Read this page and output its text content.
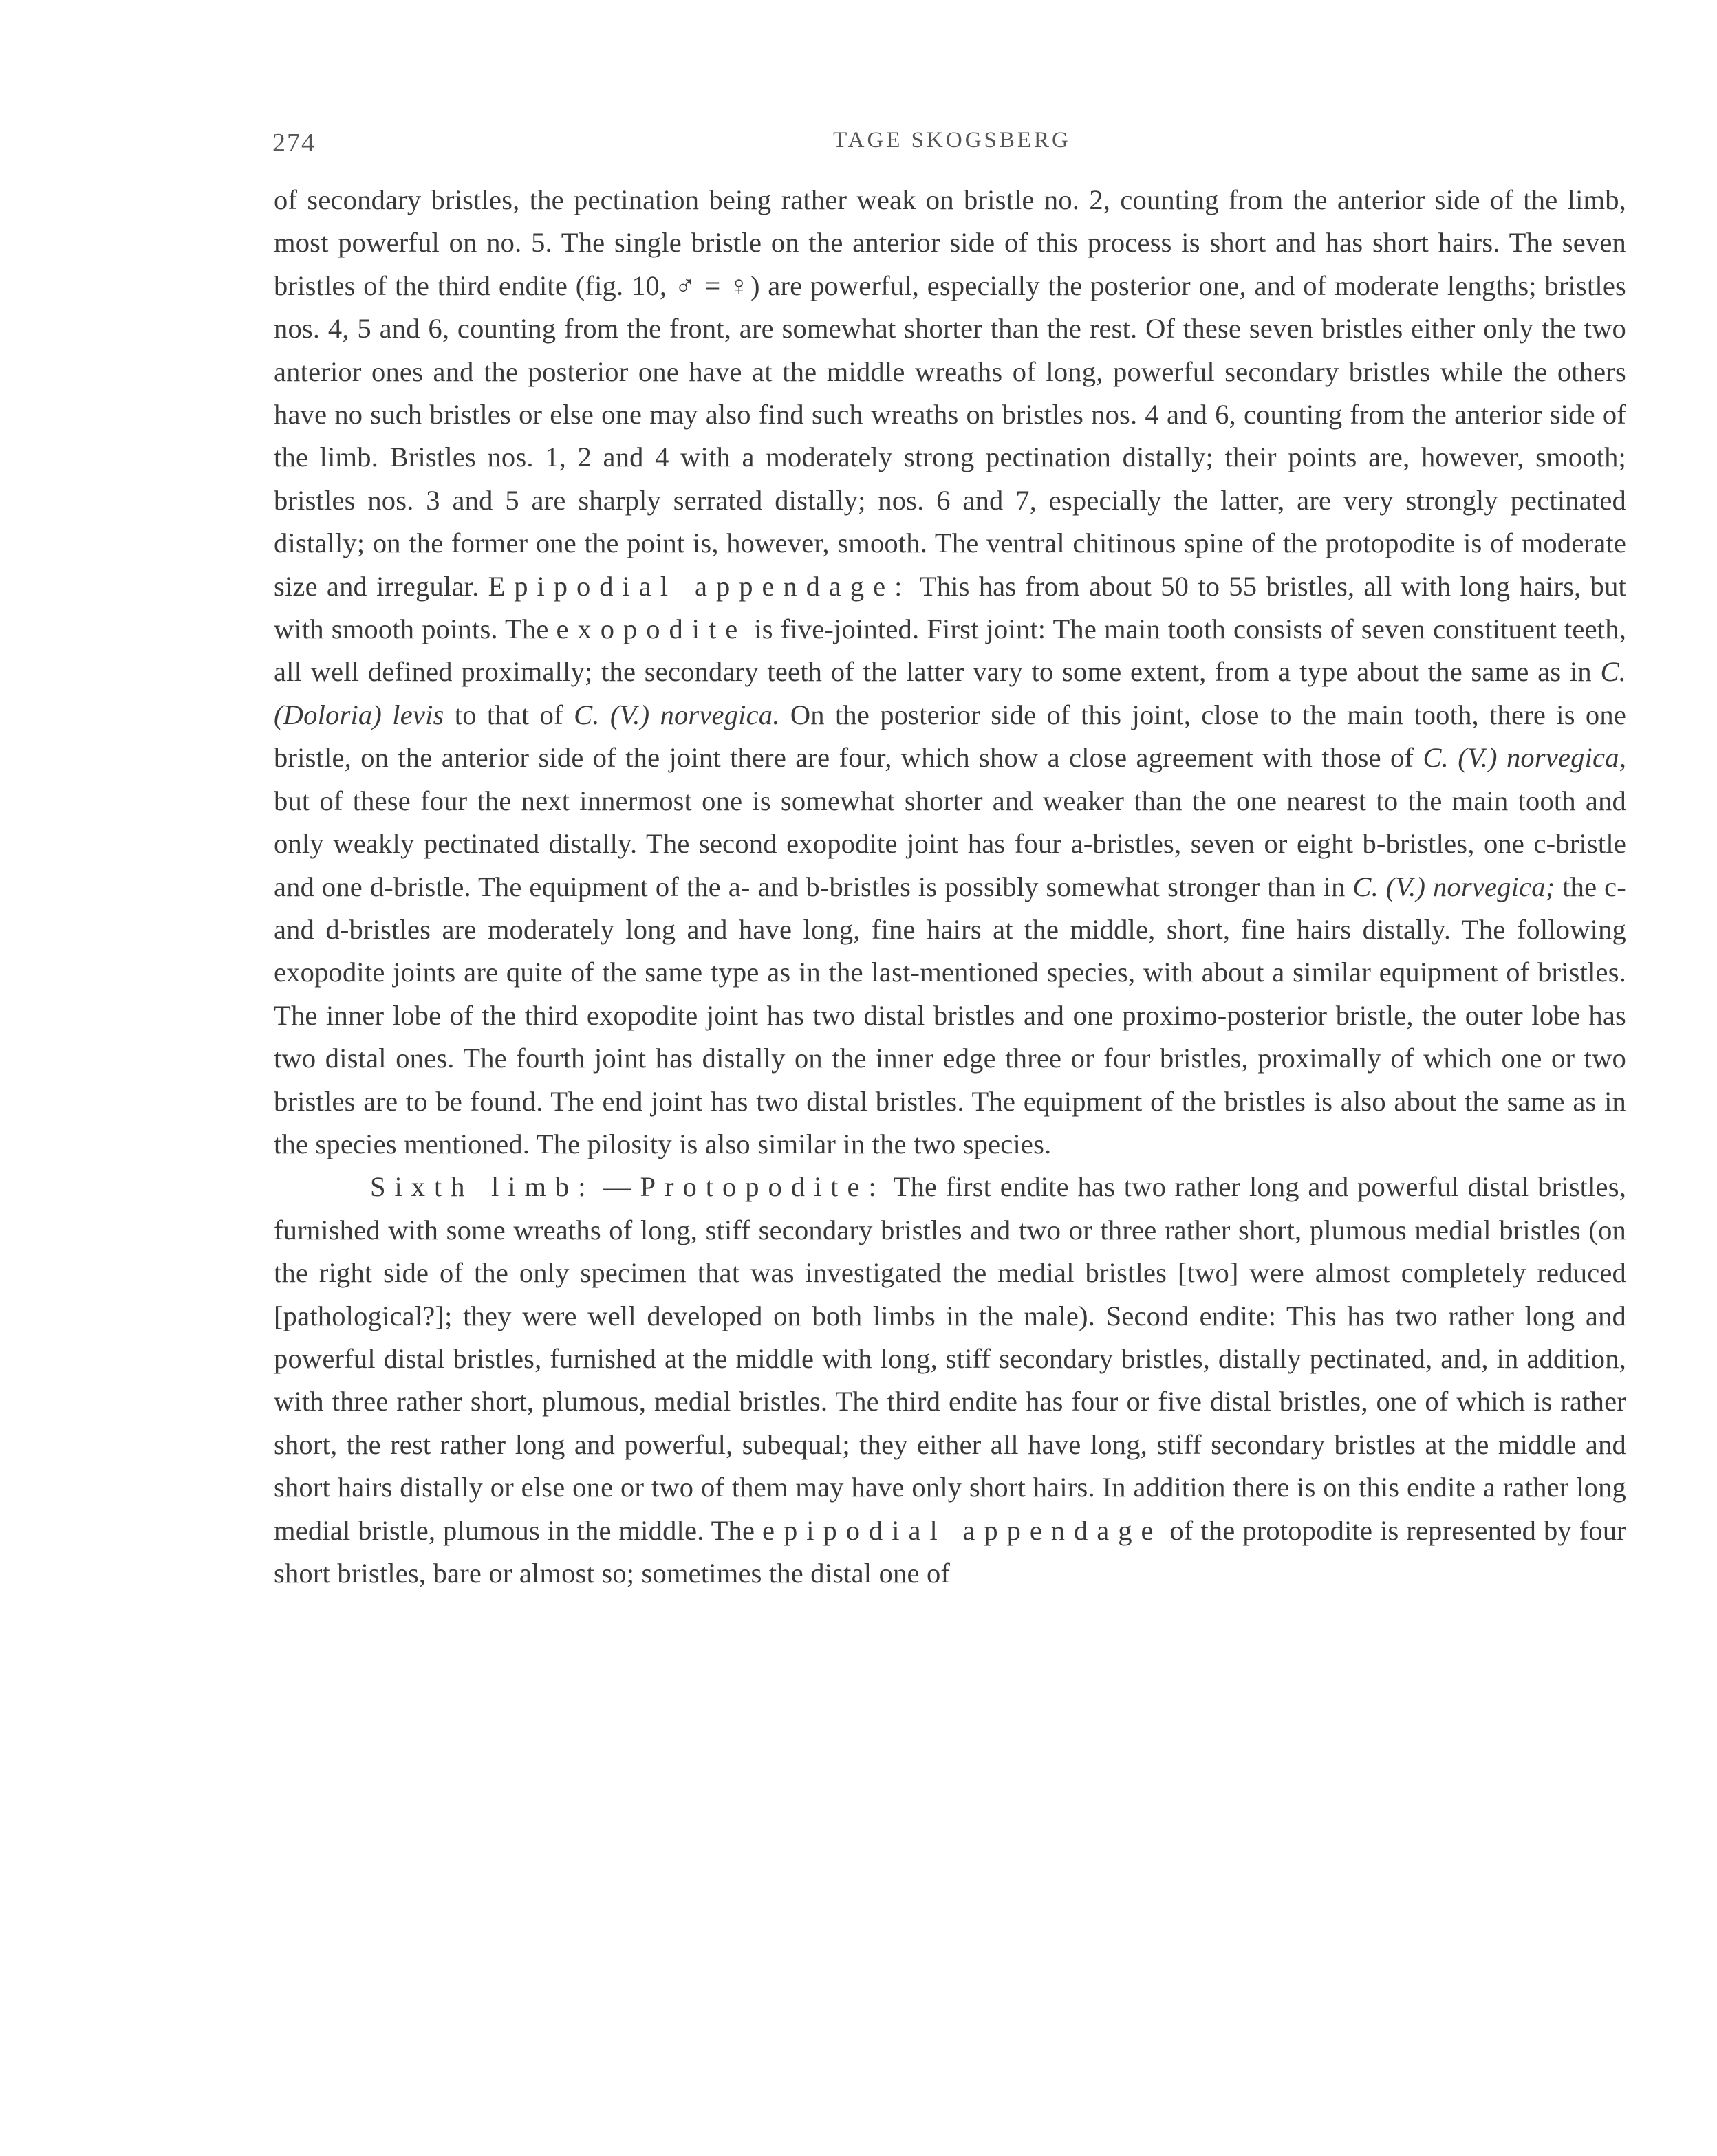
274	TAGE SKOGSBERG

of secondary bristles, the pectination being rather weak on bristle no. 2, counting from the anterior side of the limb, most powerful on no. 5. The single bristle on the anterior side of this process is short and has short hairs. The seven bristles of the third endite (fig. 10, ♂ = ♀) are powerful, especially the posterior one, and of moderate lengths; bristles nos. 4, 5 and 6, counting from the front, are somewhat shorter than the rest. Of these seven bristles either only the two anterior ones and the posterior one have at the middle wreaths of long, powerful secondary bristles while the others have no such bristles or else one may also find such wreaths on bristles nos. 4 and 6, counting from the anterior side of the limb. Bristles nos. 1, 2 and 4 with a moderately strong pectination distally; their points are, however, smooth; bristles nos. 3 and 5 are sharply serrated distally; nos. 6 and 7, especially the latter, are very strongly pectinated distally; on the former one the point is, however, smooth. The ventral chitinous spine of the protopodite is of moderate size and irregular. Epipodial appendage: This has from about 50 to 55 bristles, all with long hairs, but with smooth points. The exopodite is five-jointed. First joint: The main tooth consists of seven constituent teeth, all well defined proximally; the secondary teeth of the latter vary to some extent, from a type about the same as in C. (Doloria) levis to that of C. (V.) norvegica. On the posterior side of this joint, close to the main tooth, there is one bristle, on the anterior side of the joint there are four, which show a close agreement with those of C. (V.) norvegica, but of these four the next innermost one is somewhat shorter and weaker than the one nearest to the main tooth and only weakly pectinated distally. The second exopodite joint has four a-bristles, seven or eight b-bristles, one c-bristle and one d-bristle. The equipment of the a- and b-bristles is possibly somewhat stronger than in C. (V.) norvegica; the c- and d-bristles are moderately long and have long, fine hairs at the middle, short, fine hairs distally. The following exopodite joints are quite of the same type as in the last-mentioned species, with about a similar equipment of bristles. The inner lobe of the third exopodite joint has two distal bristles and one proximo-posterior bristle, the outer lobe has two distal ones. The fourth joint has distally on the inner edge three or four bristles, proximally of which one or two bristles are to be found. The end joint has two distal bristles. The equipment of the bristles is also about the same as in the species mentioned. The pilosity is also similar in the two species.

Sixth limb: — Protopodite: The first endite has two rather long and powerful distal bristles, furnished with some wreaths of long, stiff secondary bristles and two or three rather short, plumous medial bristles (on the right side of the only specimen that was investigated the medial bristles [two] were almost completely reduced [pathological?]; they were well developed on both limbs in the male). Second endite: This has two rather long and powerful distal bristles, furnished at the middle with long, stiff secondary bristles, distally pectinated, and, in addition, with three rather short, plumous, medial bristles. The third endite has four or five distal bristles, one of which is rather short, the rest rather long and powerful, subequal; they either all have long, stiff secondary bristles at the middle and short hairs distally or else one or two of them may have only short hairs. In addition there is on this endite a rather long medial bristle, plumous in the middle. The epipodial appendage of the protopodite is represented by four short bristles, bare or almost so; sometimes the distal one of
